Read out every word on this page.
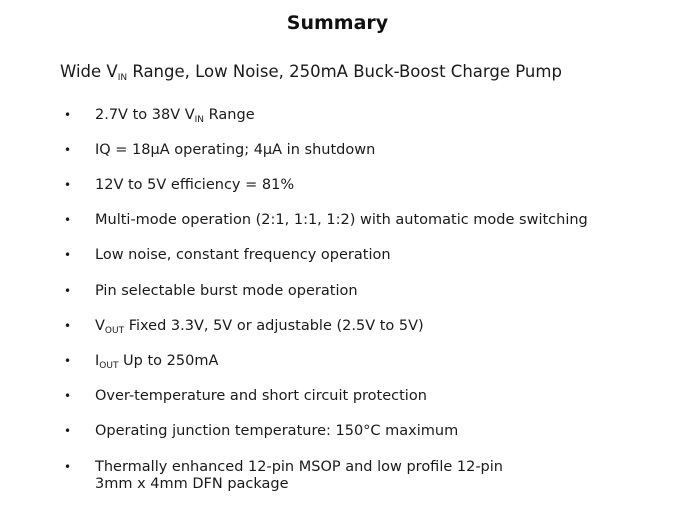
Summary
Wide $V_{IN}$ Range, Low Noise, 250mA Buck-Boost Charge Pump
• 2.7V to 38V $V_{IN}$ Range
• IQ = 18μA operating; 4μA in shutdown
• 12V to 5V efficiency = 81%
• Multi-mode operation (2:1, 1:1, 1:2) with automatic mode switching
• Low noise, constant frequency operation
• Pin selectable burst mode operation
• $V_{OUT}$ Fixed 3.3V, 5V or adjustable (2.5V to 5V)
• $I_{OUT}$ Up to 250mA
• Over-temperature and short circuit protection
• Operating junction temperature: 150°C maximum
• Thermally enhanced 12-pin MSOP and low profile 12-pin
3mm x 4mm DFN package
